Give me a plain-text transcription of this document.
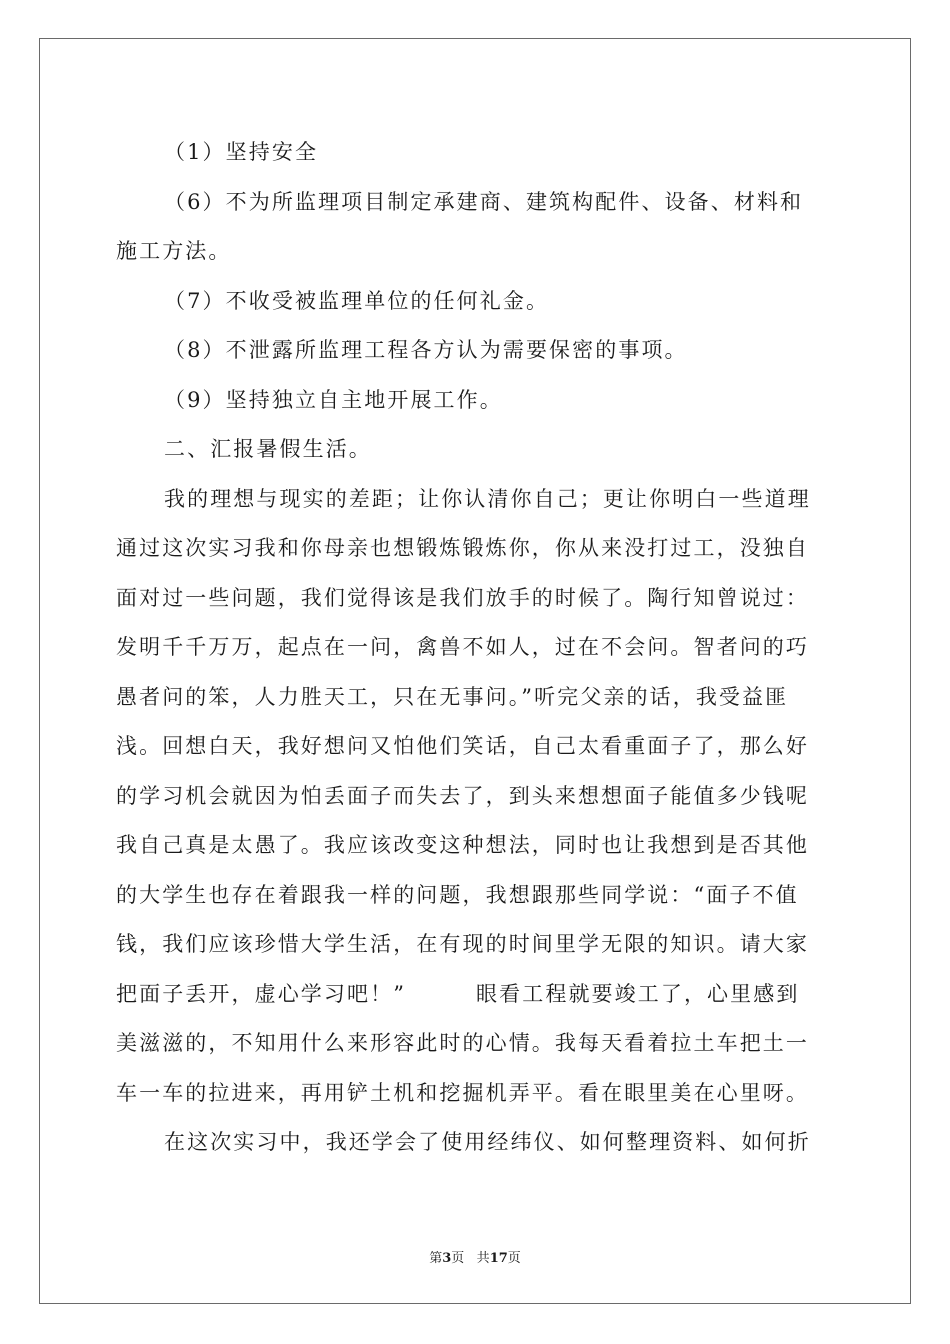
（1）坚持安全
（6）不为所监理项目制定承建商、建筑构配件、设备、材料和
施工方法。
（7）不收受被监理单位的任何礼金。
（8）不泄露所监理工程各方认为需要保密的事项。
（9）坚持独立自主地开展工作。
二、汇报暑假生活。
我的理想与现实的差距；让你认清你自己；更让你明白一些道理
通过这次实习我和你母亲也想锻炼锻炼你，你从来没打过工，没独自
面对过一些问题，我们觉得该是我们放手的时候了。陶行知曾说过：
发明千千万万，起点在一问，禽兽不如人，过在不会问。智者问的巧
愚者问的笨，人力胜天工，只在无事问。”听完父亲的话，我受益匪
浅。回想白天，我好想问又怕他们笑话，自己太看重面子了，那么好
的学习机会就因为怕丢面子而失去了，到头来想想面子能值多少钱呢
我自己真是太愚了。我应该改变这种想法，同时也让我想到是否其他
的大学生也存在着跟我一样的问题，我想跟那些同学说：“面子不值
钱，我们应该珍惜大学生活，在有现的时间里学无限的知识。请大家
把面子丢开，虚心学习吧！”	眼看工程就要竣工了，心里感到
美滋滋的，不知用什么来形容此时的心情。我每天看着拉土车把土一
车一车的拉进来，再用铲土机和挖掘机弄平。看在眼里美在心里呀。
在这次实习中，我还学会了使用经纬仪、如何整理资料、如何折
第3页 共17页
